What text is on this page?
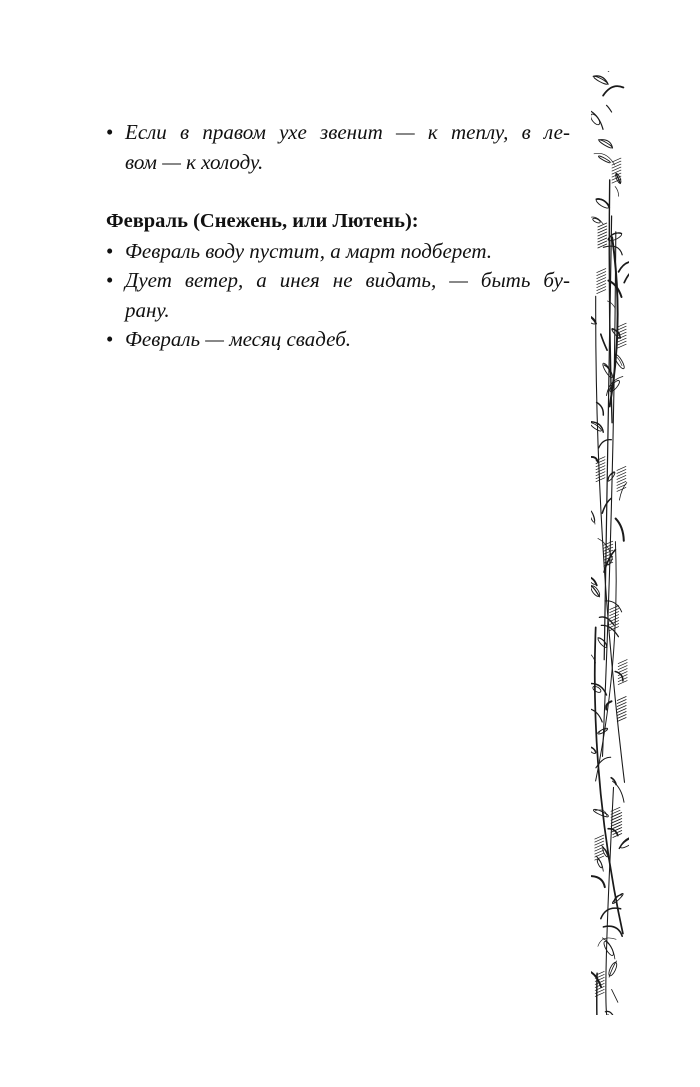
• Если в правом ухе звенит — к теплу, в ле-
вом — к холоду.
Февраль (Снежень, или Лютень):
• Февраль воду пустит, а март подберет.
• Дует ветер, а инея не видать, — быть бу-
рану.
• Февраль — месяц свадеб.
